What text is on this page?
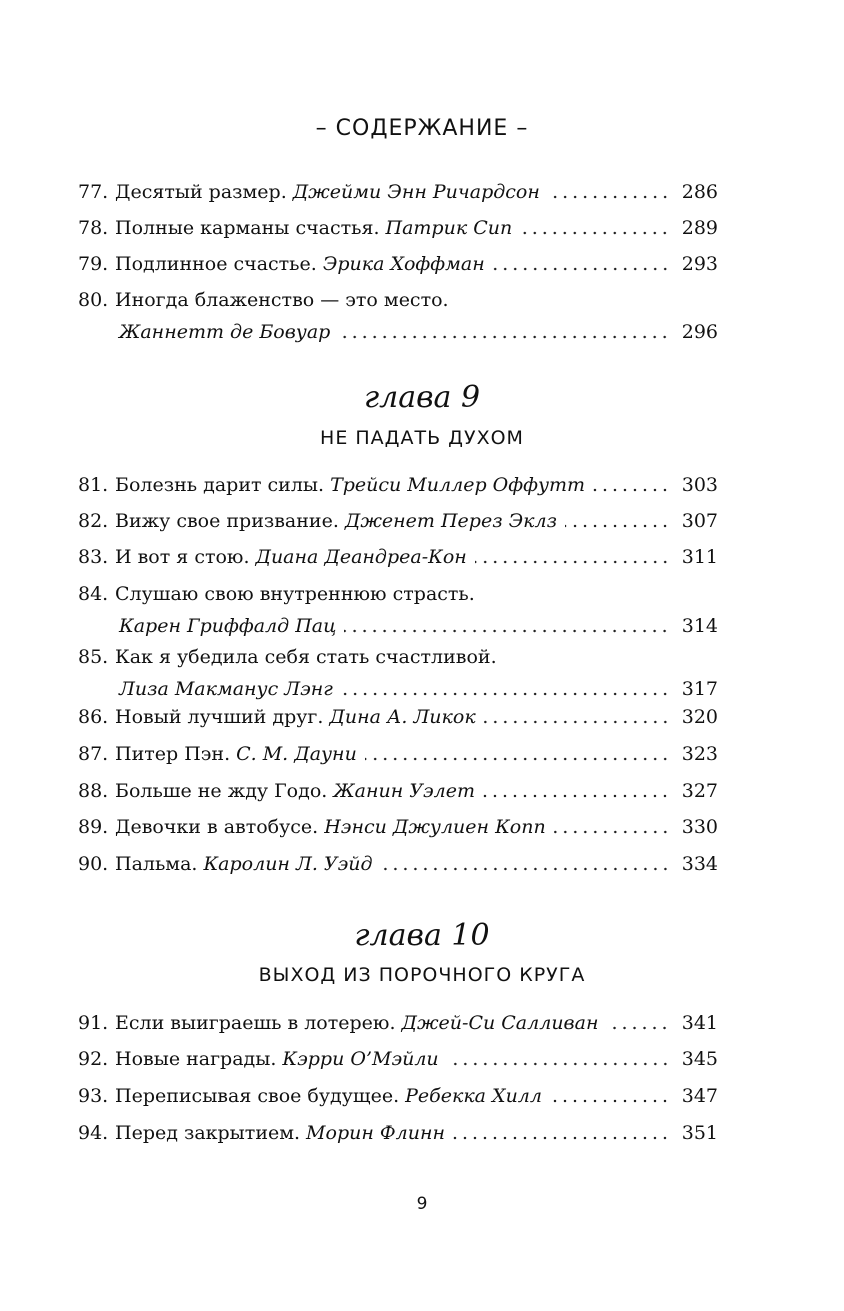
– СОДЕРЖАНИЕ –
77. Десятый размер. Джейми Энн Ричардсон	286
78. Полные карманы счастья. Патрик Сип	289
79. Подлинное счастье. Эрика Хоффман	293
80. Иногда блаженство — это место.
Жаннетт де Бовуар	296
глава 9
НЕ ПАДАТЬ ДУХОМ
81. Болезнь дарит силы. Трейси Миллер Оффутт	303
82. Вижу свое призвание. Дженет Перез Эклз	307
83. И вот я стою. Диана Деандреа-Кон	311
84. Слушаю свою внутреннюю страсть.
Карен Гриффалд Пац	314
85. Как я убедила себя стать счастливой.
Лиза Макманус Лэнг	317
86. Новый лучший друг. Дина А. Ликок	320
87. Питер Пэн. С. М. Дауни	323
88. Больше не жду Годо. Жанин Уэлет	327
89. Девочки в автобусе. Нэнси Джулиен Копп	330
90. Пальма. Каролин Л. Уэйд	334
глава 10
ВЫХОД ИЗ ПОРОЧНОГО КРУГА
91. Если выиграешь в лотерею. Джей-Си Салливан	341
92. Новые награды. Кэрри О’Мэйли	345
93. Переписывая свое будущее. Ребекка Хилл	347
94. Перед закрытием. Морин Флинн	351
9
